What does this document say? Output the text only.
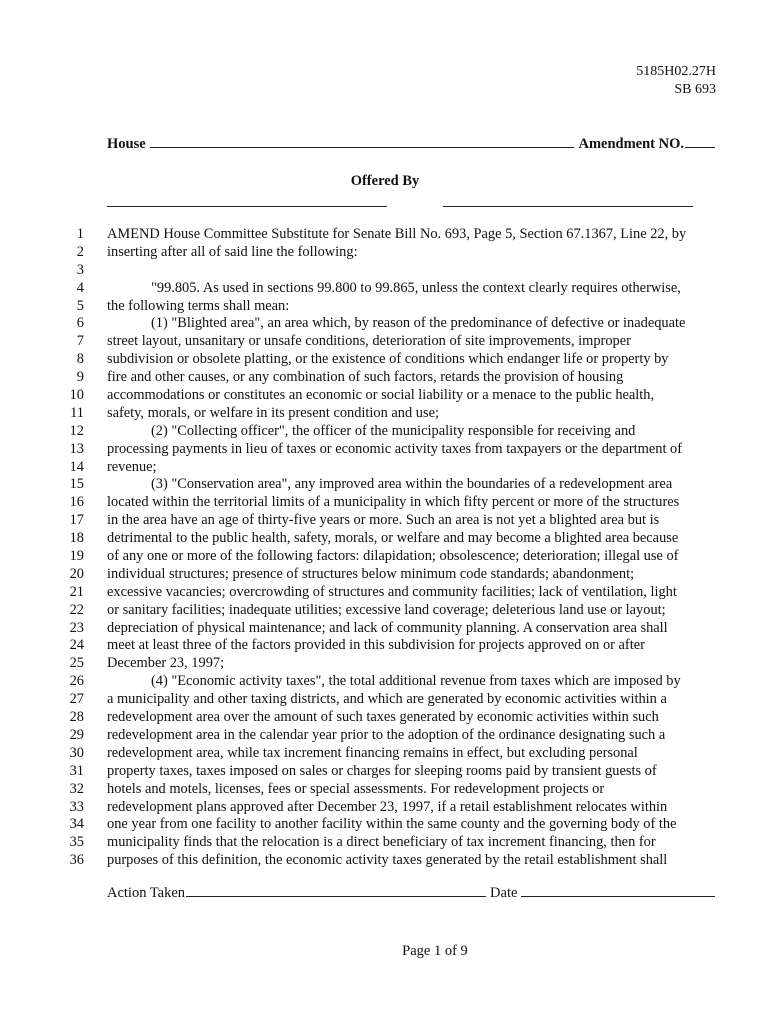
5185H02.27H
SB 693
House	Amendment NO.
Offered By
1 AMEND House Committee Substitute for Senate Bill No. 693, Page 5, Section 67.1367, Line 22, by
2 inserting after all of said line the following:
3
4	"99.805. As used in sections 99.800 to 99.865, unless the context clearly requires otherwise,
5 the following terms shall mean:
6	(1) "Blighted area", an area which, by reason of the predominance of defective or inadequate
7 street layout, unsanitary or unsafe conditions, deterioration of site improvements, improper
8 subdivision or obsolete platting, or the existence of conditions which endanger life or property by
9 fire and other causes, or any combination of such factors, retards the provision of housing
10 accommodations or constitutes an economic or social liability or a menace to the public health,
11 safety, morals, or welfare in its present condition and use;
12	(2) "Collecting officer", the officer of the municipality responsible for receiving and
13 processing payments in lieu of taxes or economic activity taxes from taxpayers or the department of
14 revenue;
15	(3) "Conservation area", any improved area within the boundaries of a redevelopment area
16 located within the territorial limits of a municipality in which fifty percent or more of the structures
17 in the area have an age of thirty-five years or more. Such an area is not yet a blighted area but is
18 detrimental to the public health, safety, morals, or welfare and may become a blighted area because
19 of any one or more of the following factors: dilapidation; obsolescence; deterioration; illegal use of
20 individual structures; presence of structures below minimum code standards; abandonment;
21 excessive vacancies; overcrowding of structures and community facilities; lack of ventilation, light
22 or sanitary facilities; inadequate utilities; excessive land coverage; deleterious land use or layout;
23 depreciation of physical maintenance; and lack of community planning. A conservation area shall
24 meet at least three of the factors provided in this subdivision for projects approved on or after
25 December 23, 1997;
26	(4) "Economic activity taxes", the total additional revenue from taxes which are imposed by
27 a municipality and other taxing districts, and which are generated by economic activities within a
28 redevelopment area over the amount of such taxes generated by economic activities within such
29 redevelopment area in the calendar year prior to the adoption of the ordinance designating such a
30 redevelopment area, while tax increment financing remains in effect, but excluding personal
31 property taxes, taxes imposed on sales or charges for sleeping rooms paid by transient guests of
32 hotels and motels, licenses, fees or special assessments. For redevelopment projects or
33 redevelopment plans approved after December 23, 1997, if a retail establishment relocates within
34 one year from one facility to another facility within the same county and the governing body of the
35 municipality finds that the relocation is a direct beneficiary of tax increment financing, then for
36 purposes of this definition, the economic activity taxes generated by the retail establishment shall
Action Taken	Date
Page 1 of 9
